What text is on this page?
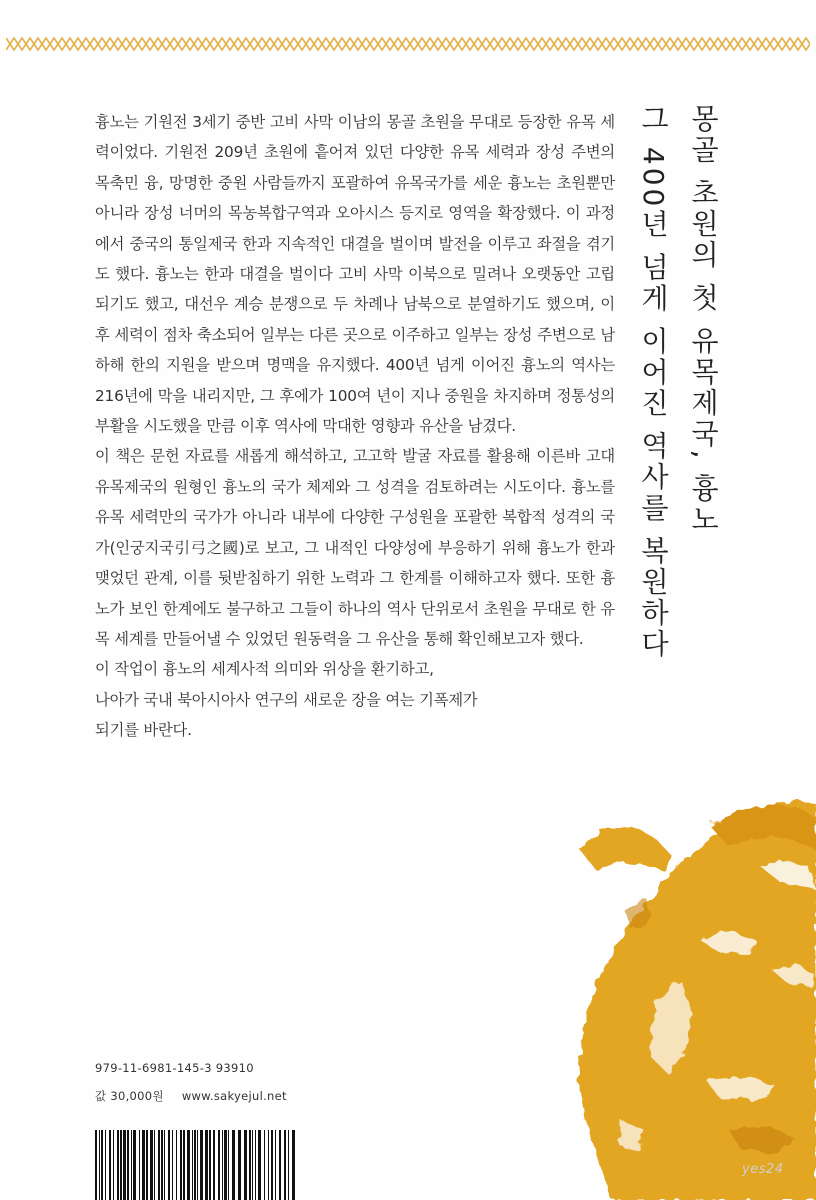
몽골 초원의 첫 유목제국, 흉노
그 400년 넘게 이어진 역사를 복원하다

흉노는 기원전 3세기 중반 고비 사막 이남의 몽골 초원을 무대로 등장한 유목 세력이었다. 기원전 209년 초원에 흩어져 있던 다양한 유목 세력과 장성 주변의 목축민 융, 망명한 중원 사람들까지 포괄하여 유목국가를 세운 흉노는 초원뿐만 아니라 장성 너머의 목농복합구역과 오아시스 등지로 영역을 확장했다. 이 과정에서 중국의 통일제국 한과 지속적인 대결을 벌이며 발전을 이루고 좌절을 겪기도 했다. 흉노는 한과 대결을 벌이다 고비 사막 이북으로 밀려나 오랫동안 고립되기도 했고, 대선우 계승 분쟁으로 두 차례나 남북으로 분열하기도 했으며, 이후 세력이 점차 축소되어 일부는 다른 곳으로 이주하고 일부는 장성 주변으로 남하해 한의 지원을 받으며 명맥을 유지했다. 400년 넘게 이어진 흉노의 역사는 216년에 막을 내리지만, 그 후에가 100여 년이 지나 중원을 차지하며 정통성의 부활을 시도했을 만큼 이후 역사에 막대한 영향과 유산을 남겼다.

이 책은 문헌 자료를 새롭게 해석하고, 고고학 발굴 자료를 활용해 이른바 고대 유목제국의 원형인 흉노의 국가 체제와 그 성격을 검토하려는 시도이다. 흉노를 유목 세력만의 국가가 아니라 내부에 다양한 구성원을 포괄한 복합적 성격의 국가(인궁지국引弓之國)로 보고, 그 내적인 다양성에 부응하기 위해 흉노가 한과 맺었던 관계, 이를 뒷받침하기 위한 노력과 그 한계를 이해하고자 했다. 또한 흉노가 보인 한계에도 불구하고 그들이 하나의 역사 단위로서 초원을 무대로 한 유목 세계를 만들어낼 수 있었던 원동력을 그 유산을 통해 확인해보고자 했다.

이 작업이 흉노의 세계사적 의미와 위상을 환기하고,

나아가 국내 북아시아사 연구의 새로운 장을 여는 기폭제가

되기를 바란다.

979-11-6981-145-3 93910
값 30,000원 www.sakyejul.net
yes24
